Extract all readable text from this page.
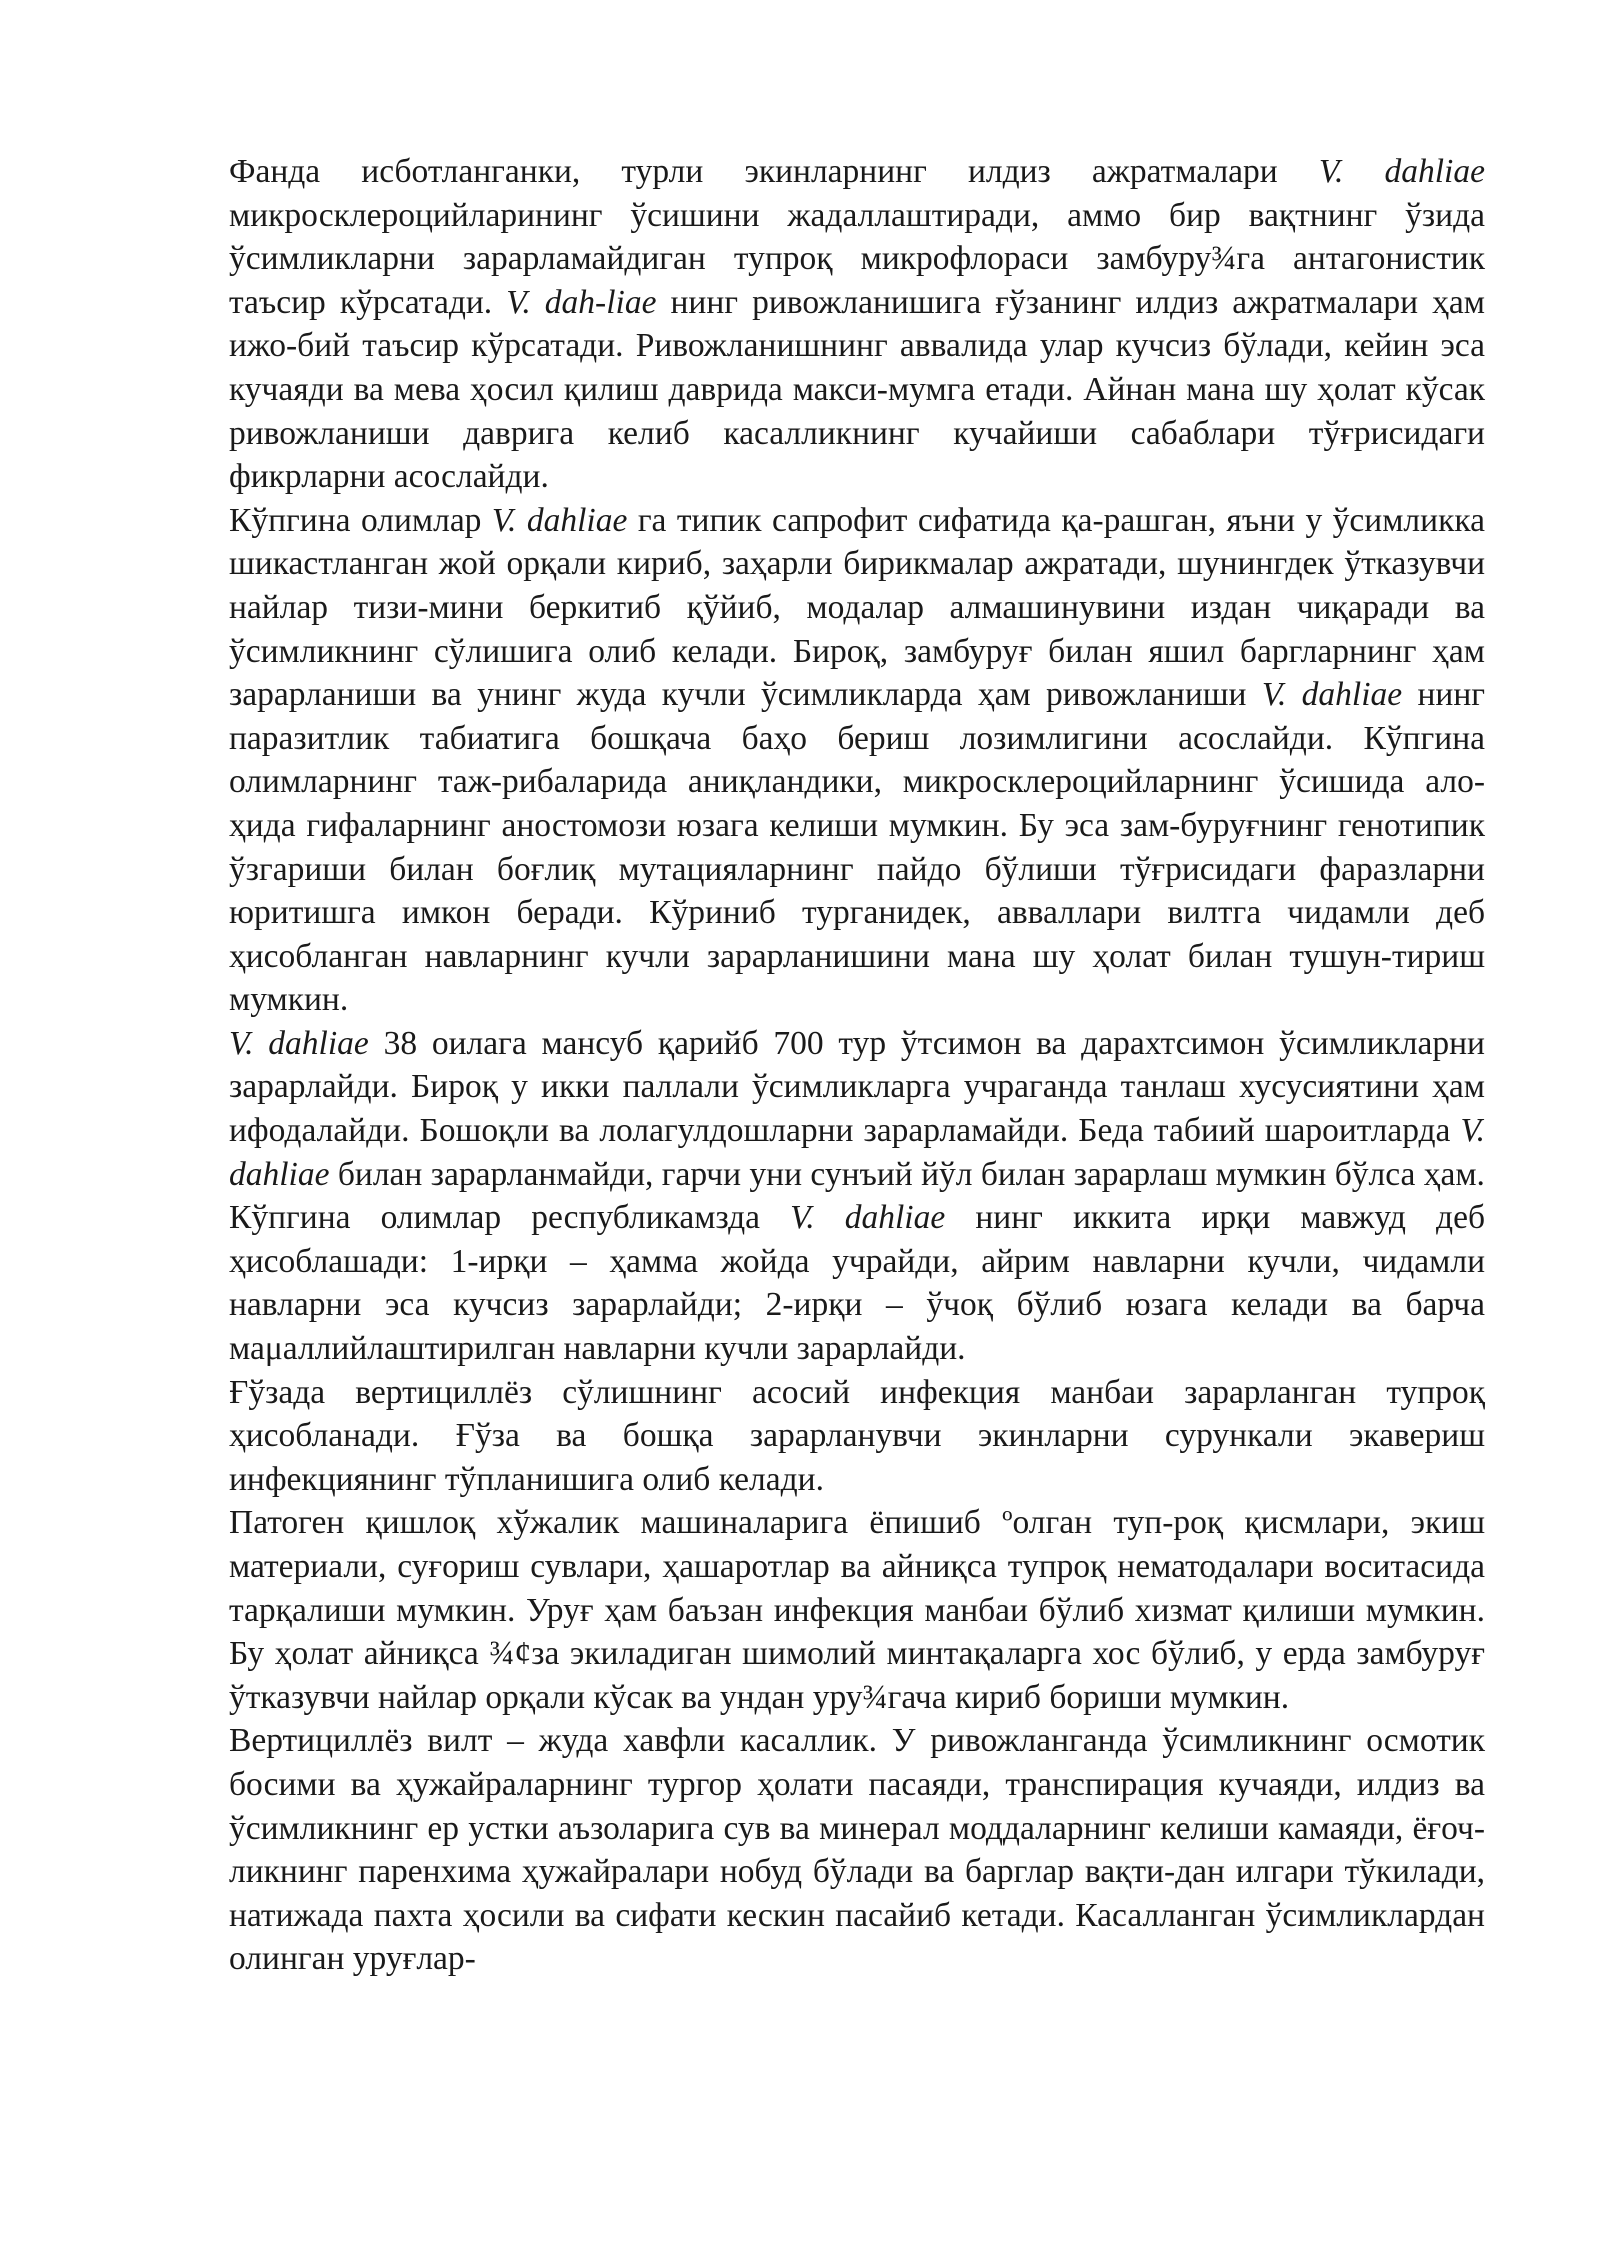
Фанда исботланганки, турли экинларнинг илдиз ажратмалари V. dahliae микросклероцийларининг ўсишини жадаллаштиради, аммо бир вақтнинг ўзида ўсимликларни зарарламайдиган тупроқ микрофлораси замбуру¾га антагонистик таъсир кўрсатади. V. dah-liae нинг ривожланишига ғўзанинг илдиз ажратмалари ҳам ижо-бий таъсир кўрсатади. Ривожланишнинг аввалида улар кучсиз бўлади, кейин эса кучаяди ва мева ҳосил қилиш даврида макси-мумга етади. Айнан мана шу ҳолат кўсак ривожланиши даврига келиб касалликнинг кучайиши сабаблари тўғрисидаги фикрларни асослайди.

Кўпгина олимлар V. dahliae га типик сапрофит сифатида қа-рашган, яъни у ўсимликка шикастланган жой орқали кириб, заҳарли бирикмалар ажратади, шунингдек ўтказувчи найлар тизи-мини беркитиб қўйиб, модалар алмашинувини издан чиқаради ва ўсимликнинг сўлишига олиб келади. Бироқ, замбуруғ билан яшил баргларнинг ҳам зарарланиши ва унинг жуда кучли ўсимликларда ҳам ривожланиши V. dahliae нинг паразитлик табиатига бошқача баҳо бериш лозимлигини асослайди. Кўпгина олимларнинг таж-рибаларида аниқландики, микросклероцийларнинг ўсишида ало-ҳида гифаларнинг аностомози юзага келиши мумкин. Бу эса зам-буруғнинг генотипик ўзгариши билан боғлиқ мутацияларнинг пайдо бўлиши тўғрисидаги фаразларни юритишга имкон беради. Кўриниб турганидек, авваллари вилтга чидамли деб ҳисобланган навларнинг кучли зарарланишини мана шу ҳолат билан тушун-тириш мумкин.

V. dahliae 38 оилага мансуб қарийб 700 тур ўтсимон ва дарахтсимон ўсимликларни зарарлайди. Бироқ у икки паллали ўсимликларга учраганда танлаш хусусиятини ҳам ифодалайди. Бошоқли ва лолагулдошларни зарарламайди. Беда табиий шароитларда V. dahliae билан зарарланмайди, гарчи уни сунъий йўл билан зарарлаш мумкин бўлса ҳам.

Кўпгина олимлар республикамзда V. dahliae нинг иккита ирқи мавжуд деб ҳисоблашади: 1-ирқи – ҳамма жойда учрайди, айрим навларни кучли, чидамли навларни эса кучсиз зарарлайди; 2-ирқи – ўчоқ бўлиб юзага келади ва барча маμаллийлаштирилган навларни кучли зарарлайди.

Ғўзада вертициллёз сўлишнинг асосий инфекция манбаи зарарланган тупроқ ҳисобланади. Ғўза ва бошқа зарарланувчи экинларни сурункали экавериш инфекциянинг тўпланишига олиб келади.

Патоген қишлоқ хўжалик машиналарига ёпишиб ºолган туп-роқ қисмлари, экиш материали, суғориш сувлари, ҳашаротлар ва айниқса тупроқ нематодалари воситасида тарқалиши мумкин. Уруғ ҳам баъзан инфекция манбаи бўлиб хизмат қилиши мумкин. Бу ҳолат айниқса ¾¢за экиладиган шимолий минтақаларга хос бўлиб, у ерда замбуруғ ўтказувчи найлар орқали кўсак ва ундан уру¾гача кириб бориши мумкин.

Вертициллёз вилт – жуда хавфли касаллик. У ривожланганда ўсимликнинг осмотик босими ва ҳужайраларнинг тургор ҳолати пасаяди, транспирация кучаяди, илдиз ва ўсимликнинг ер устки аъзоларига сув ва минерал моддаларнинг келиши камаяди, ёғоч-ликнинг паренхима ҳужайралари нобуд бўлади ва барглар вақти-дан илгари тўкилади, натижада пахта ҳосили ва сифати кескин пасайиб кетади. Касалланган ўсимликлардан олинган уруғлар-
